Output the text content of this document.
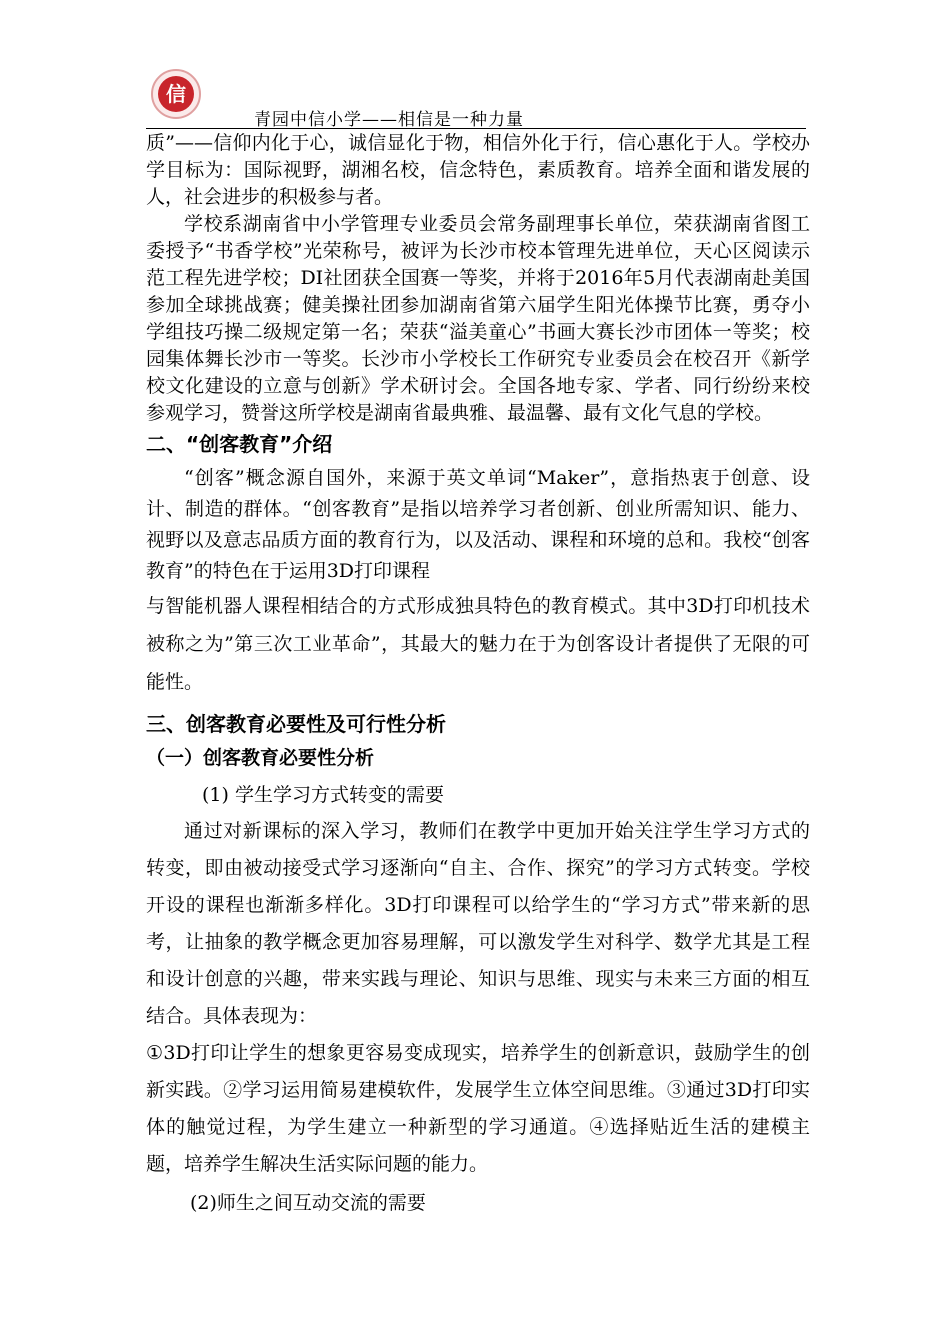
信
青园中信小学——相信是一种力量

质”——信仰内化于心，诚信显化于物，相信外化于行，信心惠化于人。学校办学目标为：国际视野，湖湘名校，信念特色，素质教育。培养全面和谐发展的人，社会进步的积极参与者。

学校系湖南省中小学管理专业委员会常务副理事长单位，荣获湖南省图工委授予“书香学校”光荣称号，被评为长沙市校本管理先进单位，天心区阅读示范工程先进学校；DI社团获全国赛一等奖，并将于2016年5月代表湖南赴美国参加全球挑战赛；健美操社团参加湖南省第六届学生阳光体操节比赛，勇夺小学组技巧操二级规定第一名；荣获“溢美童心”书画大赛长沙市团体一等奖；校园集体舞长沙市一等奖。长沙市小学校长工作研究专业委员会在校召开《新学校文化建设的立意与创新》学术研讨会。全国各地专家、学者、同行纷纷来校参观学习，赞誉这所学校是湖南省最典雅、最温馨、最有文化气息的学校。

二、“创客教育”介绍

“创客”概念源自国外，来源于英文单词“Maker”，意指热衷于创意、设计、制造的群体。“创客教育”是指以培养学习者创新、创业所需知识、能力、视野以及意志品质方面的教育行为，以及活动、课程和环境的总和。我校“创客教育”的特色在于运用3D打印课程

与智能机器人课程相结合的方式形成独具特色的教育模式。其中3D打印机技术被称之为”第三次工业革命”，其最大的魅力在于为创客设计者提供了无限的可能性。

三、创客教育必要性及可行性分析
（一）创客教育必要性分析

(1) 学生学习方式转变的需要

通过对新课标的深入学习，教师们在教学中更加开始关注学生学习方式的转变，即由被动接受式学习逐渐向“自主、合作、探究”的学习方式转变。学校开设的课程也渐渐多样化。3D打印课程可以给学生的“学习方式”带来新的思考，让抽象的教学概念更加容易理解，可以激发学生对科学、数学尤其是工程和设计创意的兴趣，带来实践与理论、知识与思维、现实与未来三方面的相互结合。具体表现为：

①3D打印让学生的想象更容易变成现实，培养学生的创新意识，鼓励学生的创新实践。②学习运用简易建模软件，发展学生立体空间思维。③通过3D打印实体的触觉过程，为学生建立一种新型的学习通道。④选择贴近生活的建模主题，培养学生解决生活实际问题的能力。

(2)师生之间互动交流的需要
